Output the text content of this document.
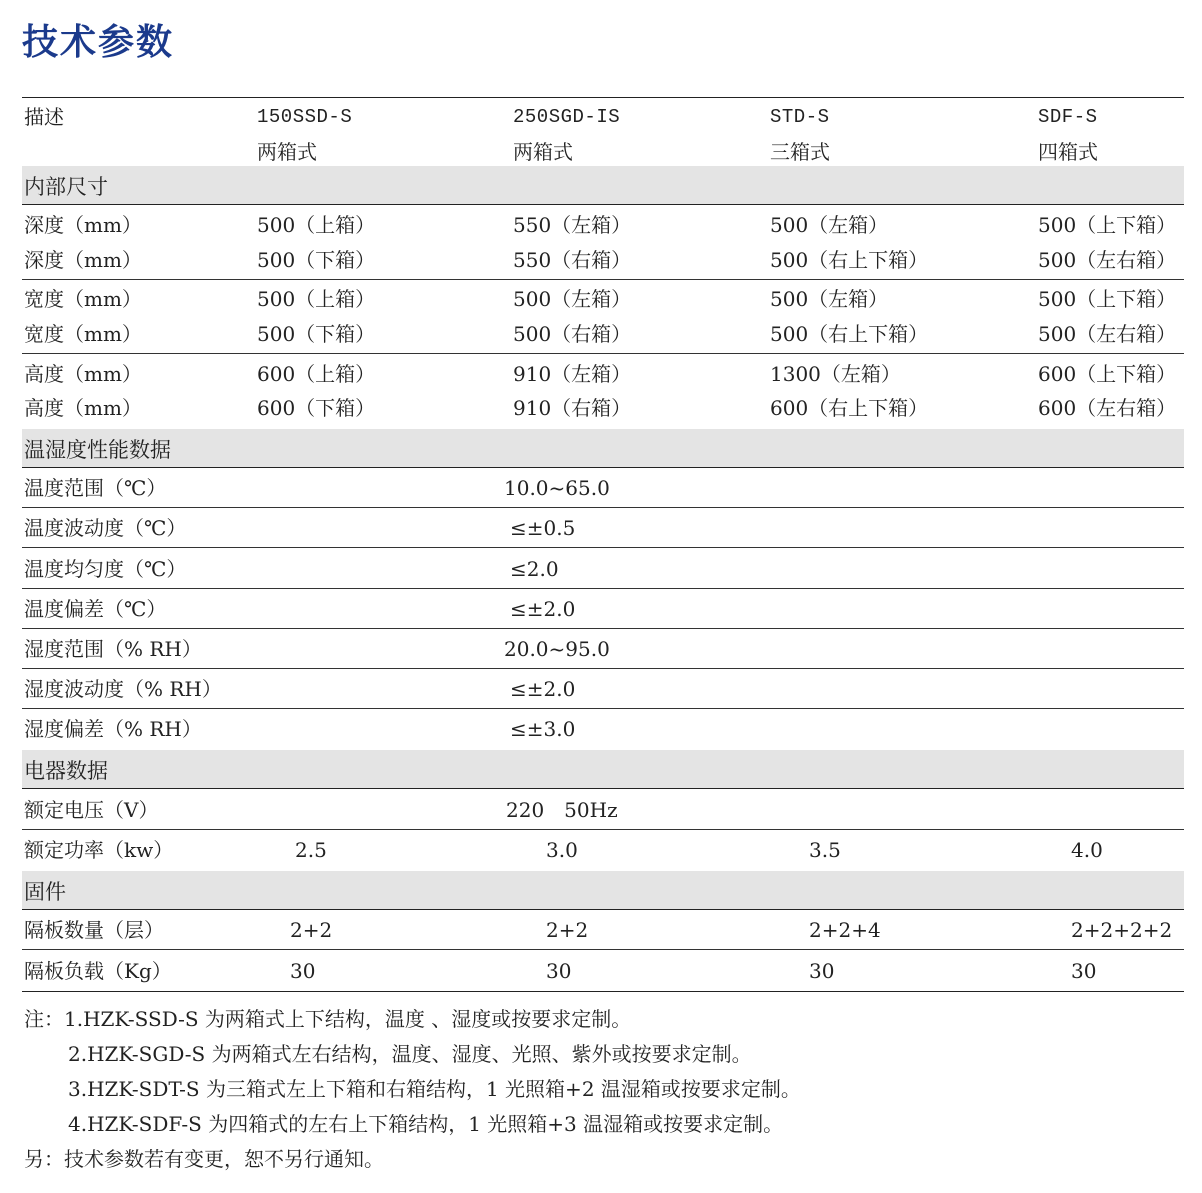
技术参数
描述	150SSD-S	250SGD-IS	STD-S	SDF-S
两箱式	两箱式	三箱式	四箱式
内部尺寸
深度（mm）	500（上箱）	550（左箱）	500（左箱）	500（上下箱）
深度（mm）	500（下箱）	550（右箱）	500（右上下箱）	500（左右箱）
宽度（mm）	500（上箱）	500（左箱）	500（左箱）	500（上下箱）
宽度（mm）	500（下箱）	500（右箱）	500（右上下箱）	500（左右箱）
高度（mm）	600（上箱）	910（左箱）	1300（左箱）	600（上下箱）
高度（mm）	600（下箱）	910（右箱）	600（右上下箱）	600（左右箱）
温湿度性能数据
温度范围（℃）	10.0~65.0
温度波动度（℃）	≤±0.5
温度均匀度（℃）	≤2.0
温度偏差（℃）	≤±2.0
湿度范围（% RH）	20.0~95.0
湿度波动度（% RH）	≤±2.0
湿度偏差（% RH）	≤±3.0
电器数据
额定电压（V）	220　50Hz
额定功率（kw）	2.5	3.0	3.5	4.0
固件
隔板数量（层）	2+2	2+2	2+2+4	2+2+2+2
隔板负载（Kg）	30	30	30	30
注：1.HZK-SSD-S 为两箱式上下结构，温度 、湿度或按要求定制。
2.HZK-SGD-S 为两箱式左右结构，温度、湿度、光照、紫外或按要求定制。
3.HZK-SDT-S 为三箱式左上下箱和右箱结构，1 光照箱+2 温湿箱或按要求定制。
4.HZK-SDF-S 为四箱式的左右上下箱结构，1 光照箱+3 温湿箱或按要求定制。
另：技术参数若有变更，恕不另行通知。
